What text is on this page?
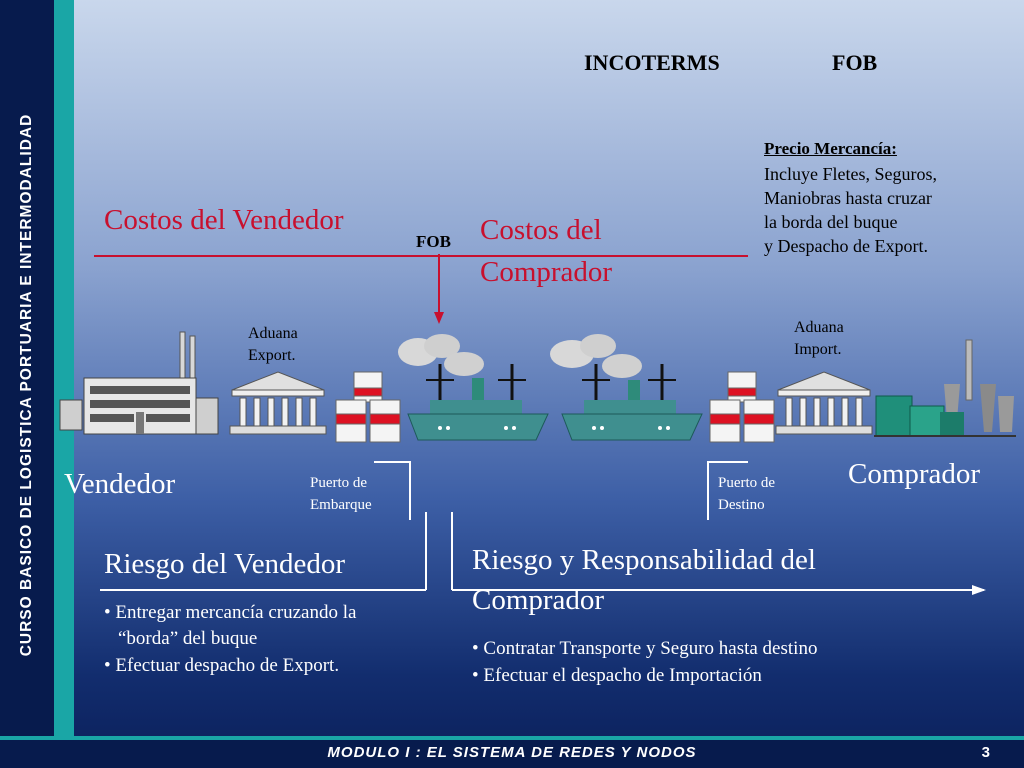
CURSO BASICO DE LOGISTICA PORTUARIA E INTERMODALIDAD
INCOTERMS	FOB
Precio Mercancía:
Incluye Fletes, Seguros,
Maniobras hasta cruzar
la borda del buque
y Despacho de Export.
Costos del Vendedor
FOB Costos del
Comprador
Aduana
Export.
Aduana
Import.
Vendedor	Comprador
Puerto de
Embarque
Puerto de
Destino
Riesgo del Vendedor
• Entregar mercancía cruzando la
“borda” del buque
• Efectuar despacho de Export.
Riesgo y Responsabilidad del
Comprador
• Contratar Transporte y Seguro hasta destino
• Efectuar el despacho de Importación
MODULO I : EL SISTEMA DE REDES Y NODOS	3
